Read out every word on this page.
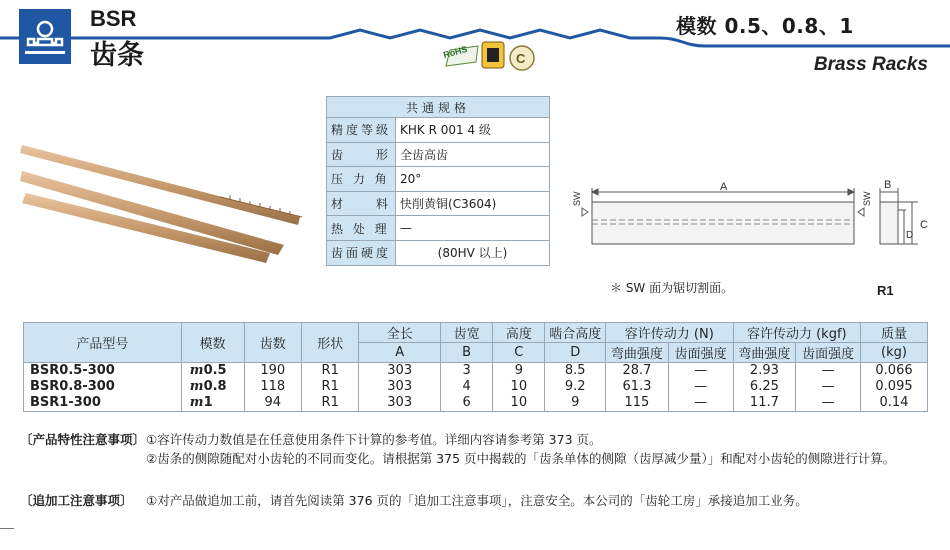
BSR
齿条
模数 0.5、0.8、1
Brass Racks
C
RoHS
共通规格	
精度等级	KHK R 001 4 级
齿　　形	全齿高齿
压 力 角	20°
材　　料	快削黄铜(C3604)
热 处 理	—
齿面硬度	(80HV 以上)
A	B
C
D
SW	SW
＊ SW 面为锯切割面。	R1
产品型号	模数	齿数	形状	全长	齿宽	高度	啮合高度	容许传动力 (N)		容许传动力 (kgf)		质量
				A	B	C	D	弯曲强度	齿面强度	弯曲强度	齿面强度	(kg)
BSR0.5-300	m0.5	190	R1	303	3	9	8.5	28.7	—	2.93	—	0.066
BSR0.8-300	m0.8	118	R1	303	4	10	9.2	61.3	—	6.25	—	0.095
BSR1-300	m1	94	R1	303	6	10	9	115	—	11.7	—	0.14
〔产品特性注意事项〕 ①容许传动力数值是在任意使用条件下计算的参考值。详细内容请参考第 373 页。
②齿条的侧隙随配对小齿轮的不同而变化。请根据第 375 页中揭载的「齿条单体的侧隙（齿厚减少量）」和配对小齿轮的侧隙进行计算。
〔追加工注意事项〕	①对产品做追加工前，请首先阅读第 376 页的「追加工注意事项」，注意安全。本公司的「齿轮工房」承接追加工业务。
